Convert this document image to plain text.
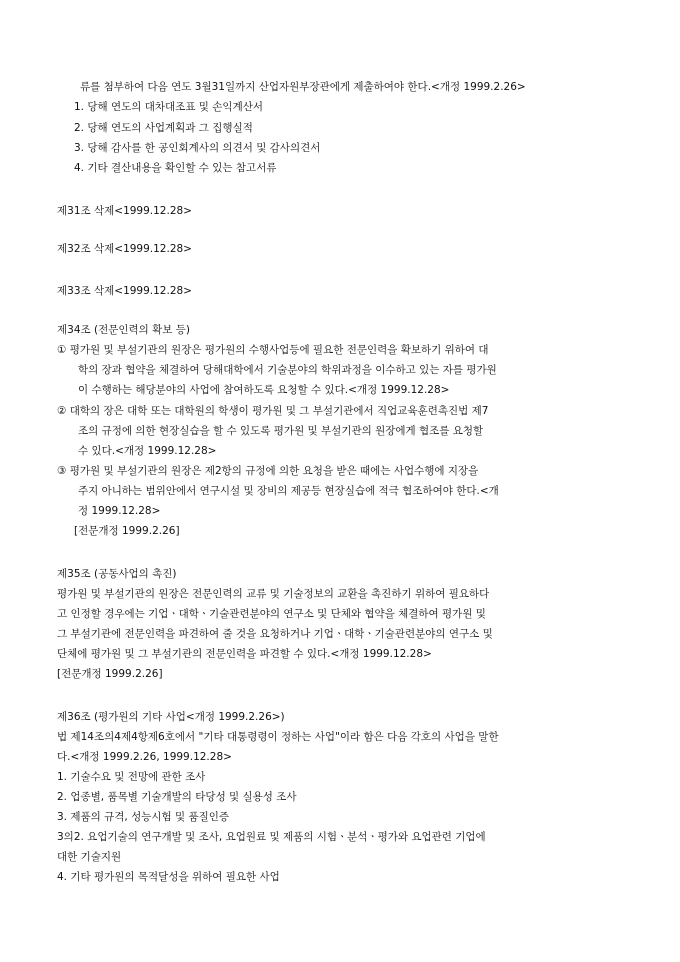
류를 첨부하여 다음 연도 3월31일까지 산업자원부장관에게 제출하여야 한다.<개정 1999.2.26>
1. 당해 연도의 대차대조표 및 손익계산서
2. 당해 연도의 사업계획과 그 집행실적
3. 당해 감사를 한 공인회계사의 의견서 및 감사의견서
4. 기타 결산내용을 확인할 수 있는 참고서류
제31조 삭제<1999.12.28>
제32조 삭제<1999.12.28>
제33조 삭제<1999.12.28>
제34조 (전문인력의 확보 등)
① 평가원 및 부설기관의 원장은 평가원의 수행사업등에 필요한 전문인력을 확보하기 위하여 대
학의 장과 협약을 체결하여 당해대학에서 기술분야의 학위과정을 이수하고 있는 자를 평가원
이 수행하는 해당분야의 사업에 참여하도록 요청할 수 있다.<개정 1999.12.28>
② 대학의 장은 대학 또는 대학원의 학생이 평가원 및 그 부설기관에서 직업교육훈련촉진법 제7
조의 규정에 의한 현장실습을 할 수 있도록 평가원 및 부설기관의 원장에게 협조를 요청할
수 있다.<개정 1999.12.28>
③ 평가원 및 부설기관의 원장은 제2항의 규정에 의한 요청을 받은 때에는 사업수행에 지장을
주지 아니하는 범위안에서 연구시설 및 장비의 제공등 현장실습에 적극 협조하여야 한다.<개
정 1999.12.28>
[전문개정 1999.2.26]
제35조 (공동사업의 촉진)
평가원 및 부설기관의 원장은 전문인력의 교류 및 기술정보의 교환을 촉진하기 위하여 필요하다
고 인정할 경우에는 기업ㆍ대학ㆍ기술관련분야의 연구소 및 단체와 협약을 체결하여 평가원 및
그 부설기관에 전문인력을 파견하여 줄 것을 요청하거나 기업ㆍ대학ㆍ기술관련분야의 연구소 및
단체에 평가원 및 그 부설기관의 전문인력을 파견할 수 있다.<개정 1999.12.28>
[전문개정 1999.2.26]
제36조 (평가원의 기타 사업<개정 1999.2.26>)
법 제14조의4제4항제6호에서 "기타 대통령령이 정하는 사업"이라 함은 다음 각호의 사업을 말한
다.<개정 1999.2.26, 1999.12.28>
1. 기술수요 및 전망에 관한 조사
2. 업종별, 품목별 기술개발의 타당성 및 실용성 조사
3. 제품의 규격, 성능시험 및 품질인증
3의2. 요업기술의 연구개발 및 조사, 요업원료 및 제품의 시험ㆍ분석ㆍ평가와 요업관련 기업에
대한 기술지원
4. 기타 평가원의 목적달성을 위하여 필요한 사업
